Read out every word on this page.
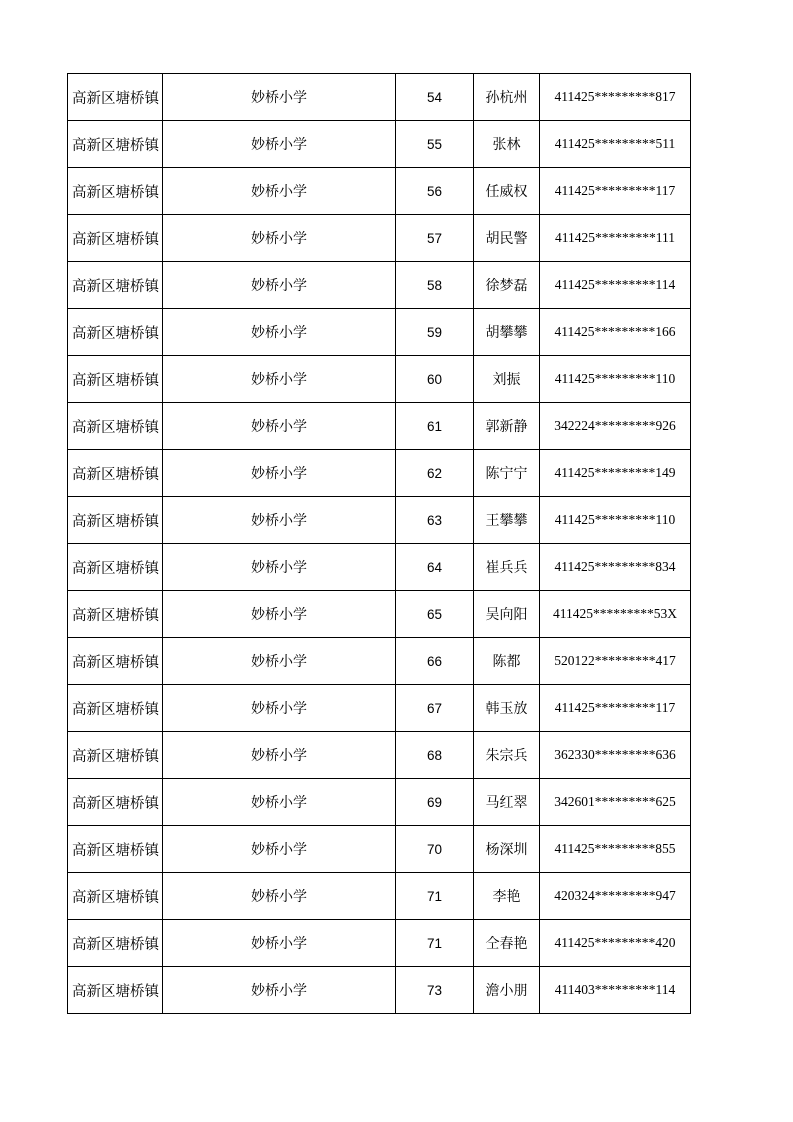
高新区塘桥镇	妙桥小学	54	孙杭州	411425*********817
高新区塘桥镇	妙桥小学	55	张林	411425*********511
高新区塘桥镇	妙桥小学	56	任威权	411425*********117
高新区塘桥镇	妙桥小学	57	胡民警	411425*********111
高新区塘桥镇	妙桥小学	58	徐梦磊	411425*********114
高新区塘桥镇	妙桥小学	59	胡攀攀	411425*********166
高新区塘桥镇	妙桥小学	60	刘振	411425*********110
高新区塘桥镇	妙桥小学	61	郭新静	342224*********926
高新区塘桥镇	妙桥小学	62	陈宁宁	411425*********149
高新区塘桥镇	妙桥小学	63	王攀攀	411425*********110
高新区塘桥镇	妙桥小学	64	崔兵兵	411425*********834
高新区塘桥镇	妙桥小学	65	吴向阳	411425*********53X
高新区塘桥镇	妙桥小学	66	陈都	520122*********417
高新区塘桥镇	妙桥小学	67	韩玉放	411425*********117
高新区塘桥镇	妙桥小学	68	朱宗兵	362330*********636
高新区塘桥镇	妙桥小学	69	马红翠	342601*********625
高新区塘桥镇	妙桥小学	70	杨深圳	411425*********855
高新区塘桥镇	妙桥小学	71	李艳	420324*********947
高新区塘桥镇	妙桥小学	71	仝春艳	411425*********420
高新区塘桥镇	妙桥小学	73	澹小朋	411403*********114
